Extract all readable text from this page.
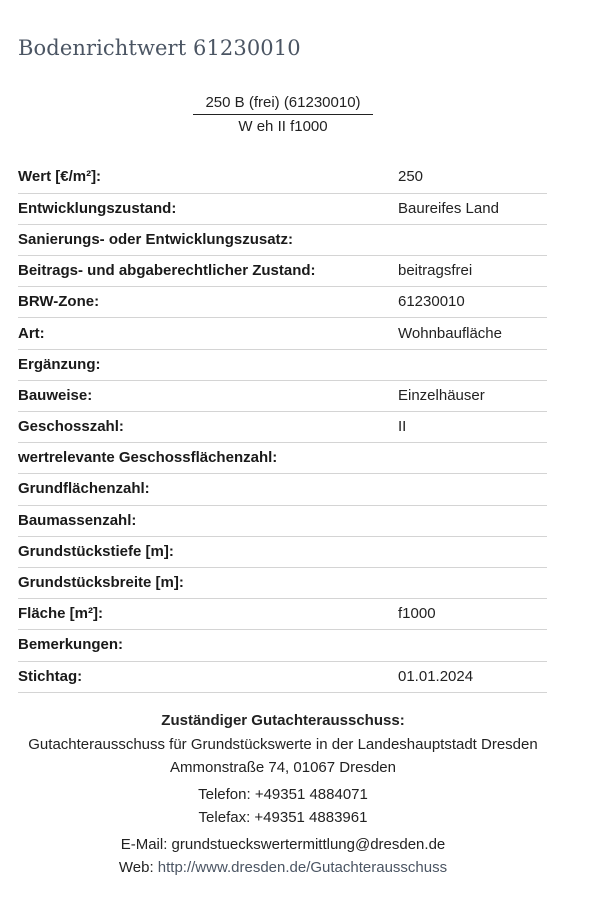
Bodenrichtwert 61230010
250 B (frei) (61230010)
W eh II f1000
Wert [€/m²]:	250
Entwicklungszustand:	Baureifes Land
Sanierungs- oder Entwicklungszusatz:	
Beitrags- und abgaberechtlicher Zustand:	beitragsfrei
BRW-Zone:	61230010
Art:	Wohnbaufläche
Ergänzung:	
Bauweise:	Einzelhäuser
Geschosszahl:	II
wertrelevante Geschossflächenzahl:	
Grundflächenzahl:	
Baumassenzahl:	
Grundstückstiefe [m]:	
Grundstücksbreite [m]:	
Fläche [m²]:	f1000
Bemerkungen:	
Stichtag:	01.01.2024
Zuständiger Gutachterausschuss:
Gutachterausschuss für Grundstückswerte in der Landeshauptstadt Dresden
Ammonstraße 74, 01067 Dresden
Telefon: +49351 4884071
Telefax: +49351 4883961
E-Mail: grundstueckswertermittlung@dresden.de
Web: http://www.dresden.de/Gutachterausschuss
